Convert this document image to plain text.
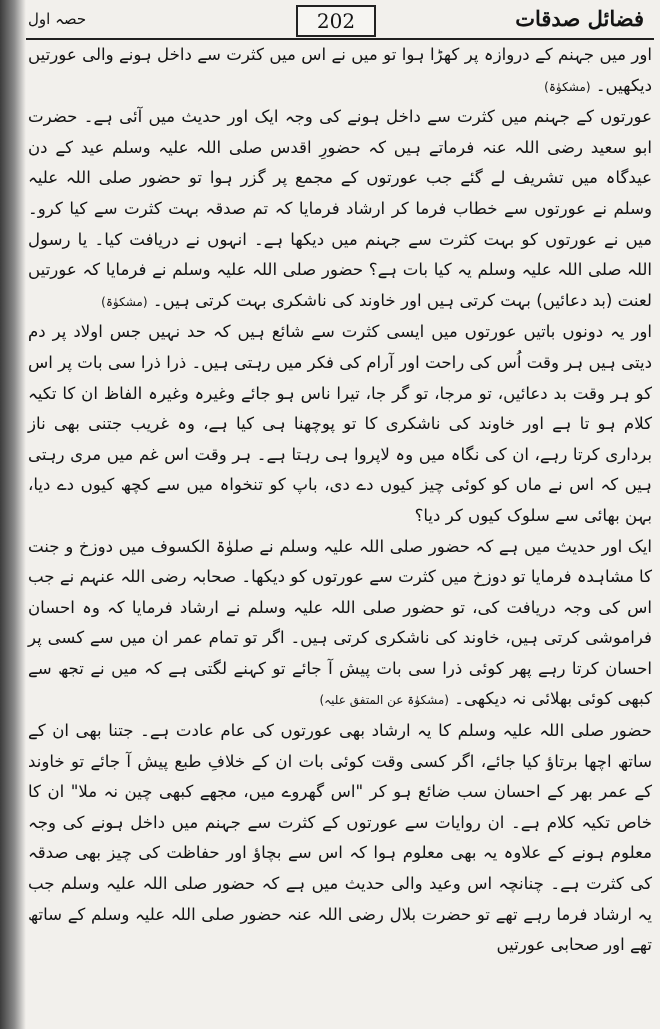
فضائل صدقات
202
حصہ اول

اور میں جہنم کے دروازہ پر کھڑا ہوا تو میں نے اس میں کثرت سے داخل ہونے والی عورتیں دیکھیں۔ (مشکوٰۃ)

عورتوں کے جہنم میں کثرت سے داخل ہونے کی وجہ ایک اور حدیث میں آئی ہے۔ حضرت ابو سعید رضی اللہ عنہ فرماتے ہیں کہ حضورِ اقدس صلی اللہ علیہ وسلم عید کے دن عیدگاہ میں تشریف لے گئے جب عورتوں کے مجمع پر گزر ہوا تو حضور صلی اللہ علیہ وسلم نے عورتوں سے خطاب فرما کر ارشاد فرمایا کہ تم صدقہ بہت کثرت سے کیا کرو۔ میں نے عورتوں کو بہت کثرت سے جہنم میں دیکھا ہے۔ انہوں نے دریافت کیا۔ یا رسول اللہ صلی اللہ علیہ وسلم یہ کیا بات ہے؟ حضور صلی اللہ علیہ وسلم نے فرمایا کہ عورتیں لعنت (بد دعائیں) بہت کرتی ہیں اور خاوند کی ناشکری بہت کرتی ہیں۔ (مشکوٰۃ)

اور یہ دونوں باتیں عورتوں میں ایسی کثرت سے شائع ہیں کہ حد نہیں جس اولاد پر دم دیتی ہیں ہر وقت اُس کی راحت اور آرام کی فکر میں رہتی ہیں۔ ذرا ذرا سی بات پر اس کو ہر وقت بد دعائیں، تو مرجا، تو گر جا، تیرا ناس ہو جائے وغیرہ وغیرہ الفاظ ان کا تکیہ کلام ہو تا ہے اور خاوند کی ناشکری کا تو پوچھنا ہی کیا ہے، وہ غریب جتنی بھی ناز برداری کرتا رہے، ان کی نگاہ میں وہ لاپروا ہی رہتا ہے۔ ہر وقت اس غم میں مری رہتی ہیں کہ اس نے ماں کو کوئی چیز کیوں دے دی، باپ کو تنخواہ میں سے کچھ کیوں دے دیا، بہن بھائی سے سلوک کیوں کر دیا؟

ایک اور حدیث میں ہے کہ حضور صلی اللہ علیہ وسلم نے صلوٰۃ الکسوف میں دوزخ و جنت کا مشاہدہ فرمایا تو دوزخ میں کثرت سے عورتوں کو دیکھا۔ صحابہ رضی اللہ عنہم نے جب اس کی وجہ دریافت کی، تو حضور صلی اللہ علیہ وسلم نے ارشاد فرمایا کہ وہ احسان فراموشی کرتی ہیں، خاوند کی ناشکری کرتی ہیں۔ اگر تو تمام عمر ان میں سے کسی پر احسان کرتا رہے پھر کوئی ذرا سی بات پیش آ جائے تو کہنے لگتی ہے کہ میں نے تجھ سے کبھی کوئی بھلائی نہ دیکھی۔ (مشکوٰۃ عن المتفق علیہ)

حضور صلی اللہ علیہ وسلم کا یہ ارشاد بھی عورتوں کی عام عادت ہے۔ جتنا بھی ان کے ساتھ اچھا برتاؤ کیا جائے، اگر کسی وقت کوئی بات ان کے خلافِ طبع پیش آ جائے تو خاوند کے عمر بھر کے احسان سب ضائع ہو کر "اس گھروے میں، مجھے کبھی چین نہ ملا" ان کا خاص تکیہ کلام ہے۔ ان روایات سے عورتوں کے کثرت سے جہنم میں داخل ہونے کی وجہ معلوم ہونے کے علاوہ یہ بھی معلوم ہوا کہ اس سے بچاؤ اور حفاظت کی چیز بھی صدقہ کی کثرت ہے۔ چنانچہ اس وعید والی حدیث میں ہے کہ حضور صلی اللہ علیہ وسلم جب یہ ارشاد فرما رہے تھے تو حضرت بلال رضی اللہ عنہ حضور صلی اللہ علیہ وسلم کے ساتھ تھے اور صحابی عورتیں
